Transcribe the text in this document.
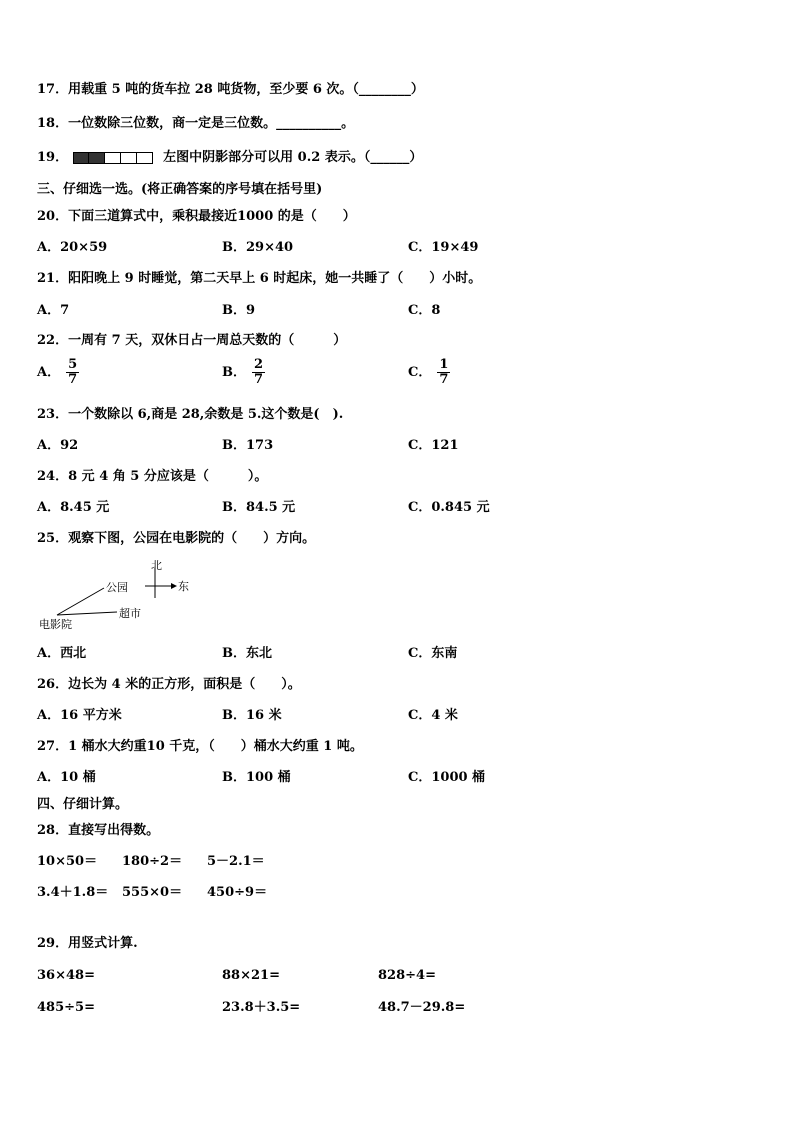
17．用载重 5 吨的货车拉 28 吨货物，至少要 6 次。（________）
18．一位数除三位数，商一定是三位数。__________。
19．	左图中阴影部分可以用 0.2 表示。（______）
三、仔细选一选。(将正确答案的序号填在括号里)
20．下面三道算式中，乘积最接近1000 的是（　　）
A．20×59	B．29×40	C．19×49
21．阳阳晚上 9 时睡觉，第二天早上 6 时起床，她一共睡了（　　）小时。
A．7	B．9	C．8
22．一周有 7 天，双休日占一周总天数的（　　　）
A． $\frac{5}{7}$	B． $\frac{2}{7}$	C． $\frac{1}{7}$
23．一个数除以 6,商是 28,余数是 5.这个数是(　).
A．92	B．173	C．121
24．8 元 4 角 5 分应该是（　　　）。
A．8.45 元	B．84.5 元	C．0.845 元
25．观察下图，公园在电影院的（　　）方向。
北
东
公园
超市
电影院
A．西北	B．东北	C．东南
26．边长为 4 米的正方形，面积是（　　）。
A．16 平方米	B．16 米	C．4 米
27．1 桶水大约重10 千克，（　　）桶水大约重 1 吨。
A．10 桶	B．100 桶	C．1000 桶
四、仔细计算。
28．直接写出得数。
10×50＝ 180÷2＝ 5－2.1＝
3.4＋1.8＝ 555×0＝ 450÷9＝
29．用竖式计算.
36×48=	88×21=	828÷4=
485÷5=	23.8＋3.5=	48.7－29.8=
